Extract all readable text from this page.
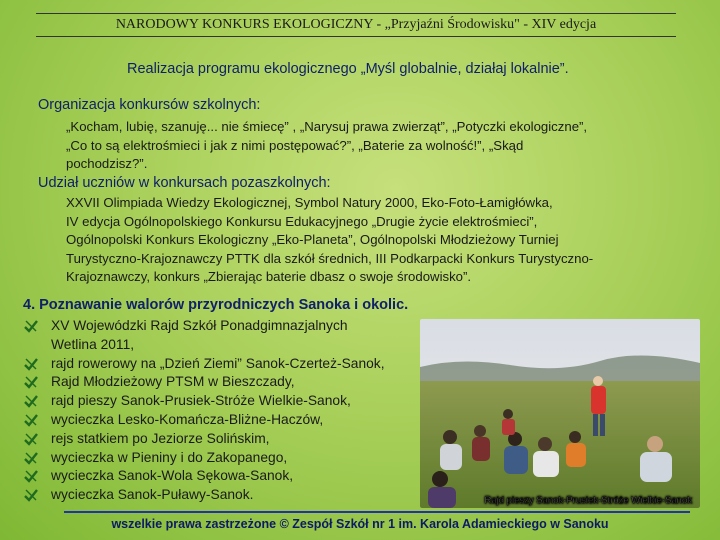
NARODOWY KONKURS EKOLOGICZNY - „Przyjaźni Środowisku" - XIV edycja
Realizacja programu ekologicznego „Myśl globalnie, działaj lokalnie”.
Organizacja konkursów szkolnych:
„Kocham, lubię, szanuję... nie śmiecę” , „Narysuj prawa zwierząt”, „Potyczki ekologiczne”,
„Co to są elektrośmieci i jak z nimi postępować?”, „Baterie za wolność!”, „Skąd
pochodzisz?”.
Udział uczniów w konkursach pozaszkolnych:
XXVII Olimpiada Wiedzy Ekologicznej, Symbol Natury 2000, Eko-Foto-Łamigłówka,
IV edycja Ogólnopolskiego Konkursu Edukacyjnego „Drugie życie elektrośmieci”,
Ogólnopolski Konkurs Ekologiczny „Eko-Planeta”, Ogólnopolski Młodzieżowy Turniej
Turystyczno-Krajoznawczy PTTK dla szkół średnich, III Podkarpacki Konkurs Turystyczno-
Krajoznawczy, konkurs „Zbierając baterie dbasz o swoje środowisko”.
4. Poznawanie walorów przyrodniczych Sanoka i okolic.
XV Wojewódzki Rajd Szkół Ponadgimnazjalnych
Wetlina 2011,
rajd rowerowy na „Dzień Ziemi” Sanok-Czerteż-Sanok,
Rajd Młodzieżowy PTSM w Bieszczady,
rajd pieszy Sanok-Prusiek-Stróże Wielkie-Sanok,
wycieczka Lesko-Komańcza-Bliżne-Haczów,
rejs statkiem po Jeziorze Solińskim,
wycieczka w Pieniny i do Zakopanego,
wycieczka Sanok-Wola Sękowa-Sanok,
wycieczka Sanok-Puławy-Sanok.	Rajd pieszy Sanok-Prusiek-Stróże Wielkie-Sanok
wszelkie prawa zastrzeżone © Zespół Szkół nr 1 im. Karola Adamieckiego w Sanoku
